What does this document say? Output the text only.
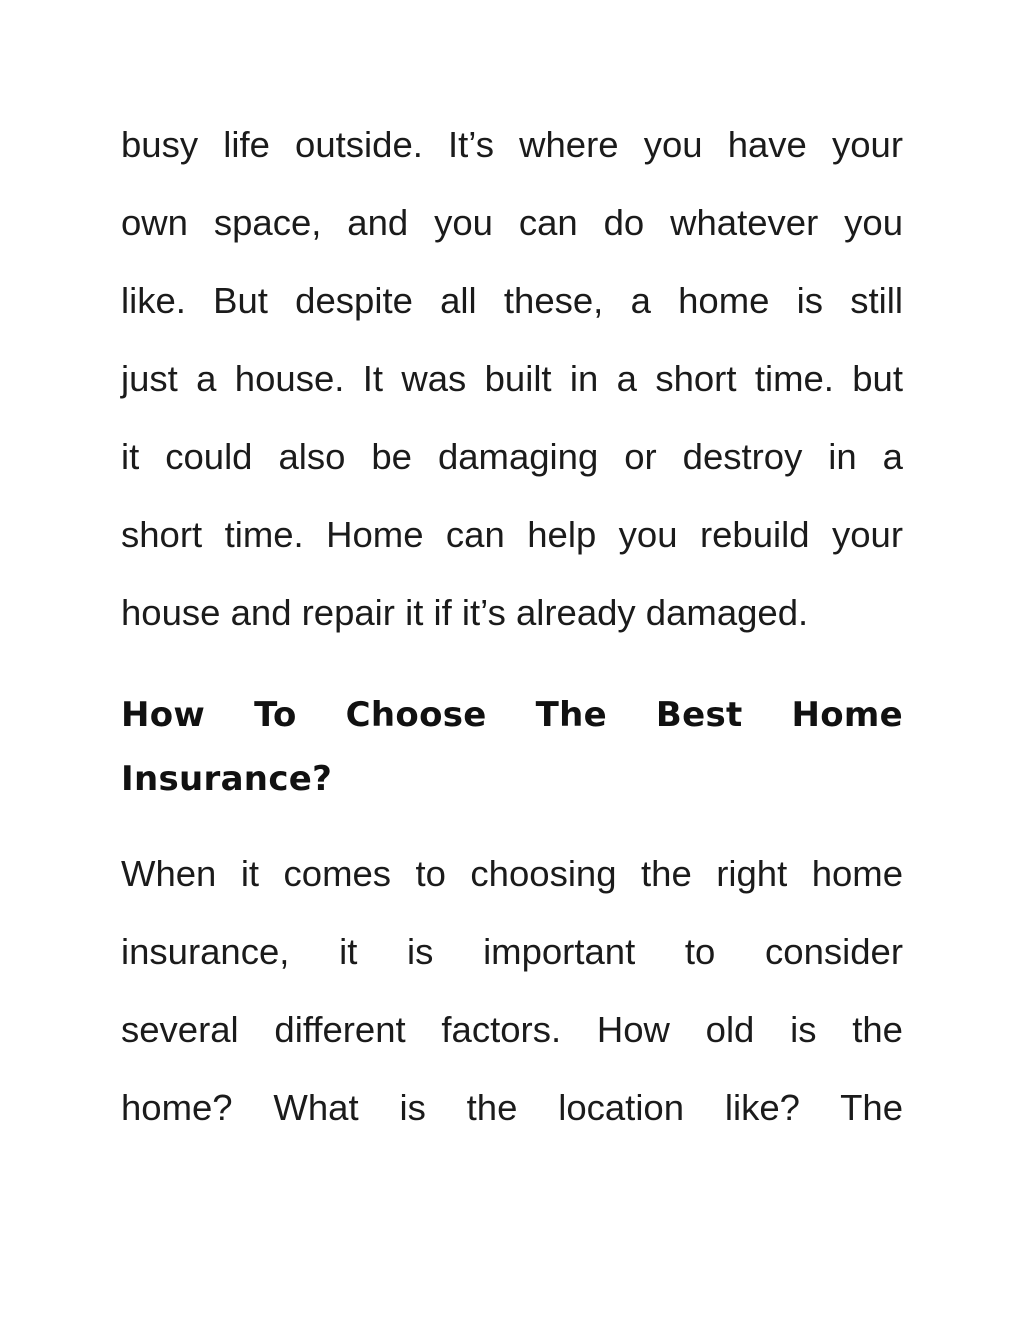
busy life outside. It’s where you have your
own space, and you can do whatever you
like. But despite all these, a home is still
just a house. It was built in a short time. but
it could also be damaging or destroy in a
short time. Home can help you rebuild your
house and repair it if it’s already damaged.
How To Choose The Best Home
Insurance?
When it comes to choosing the right home
insurance, it is important to consider
several different factors. How old is the
home? What is the location like? The
